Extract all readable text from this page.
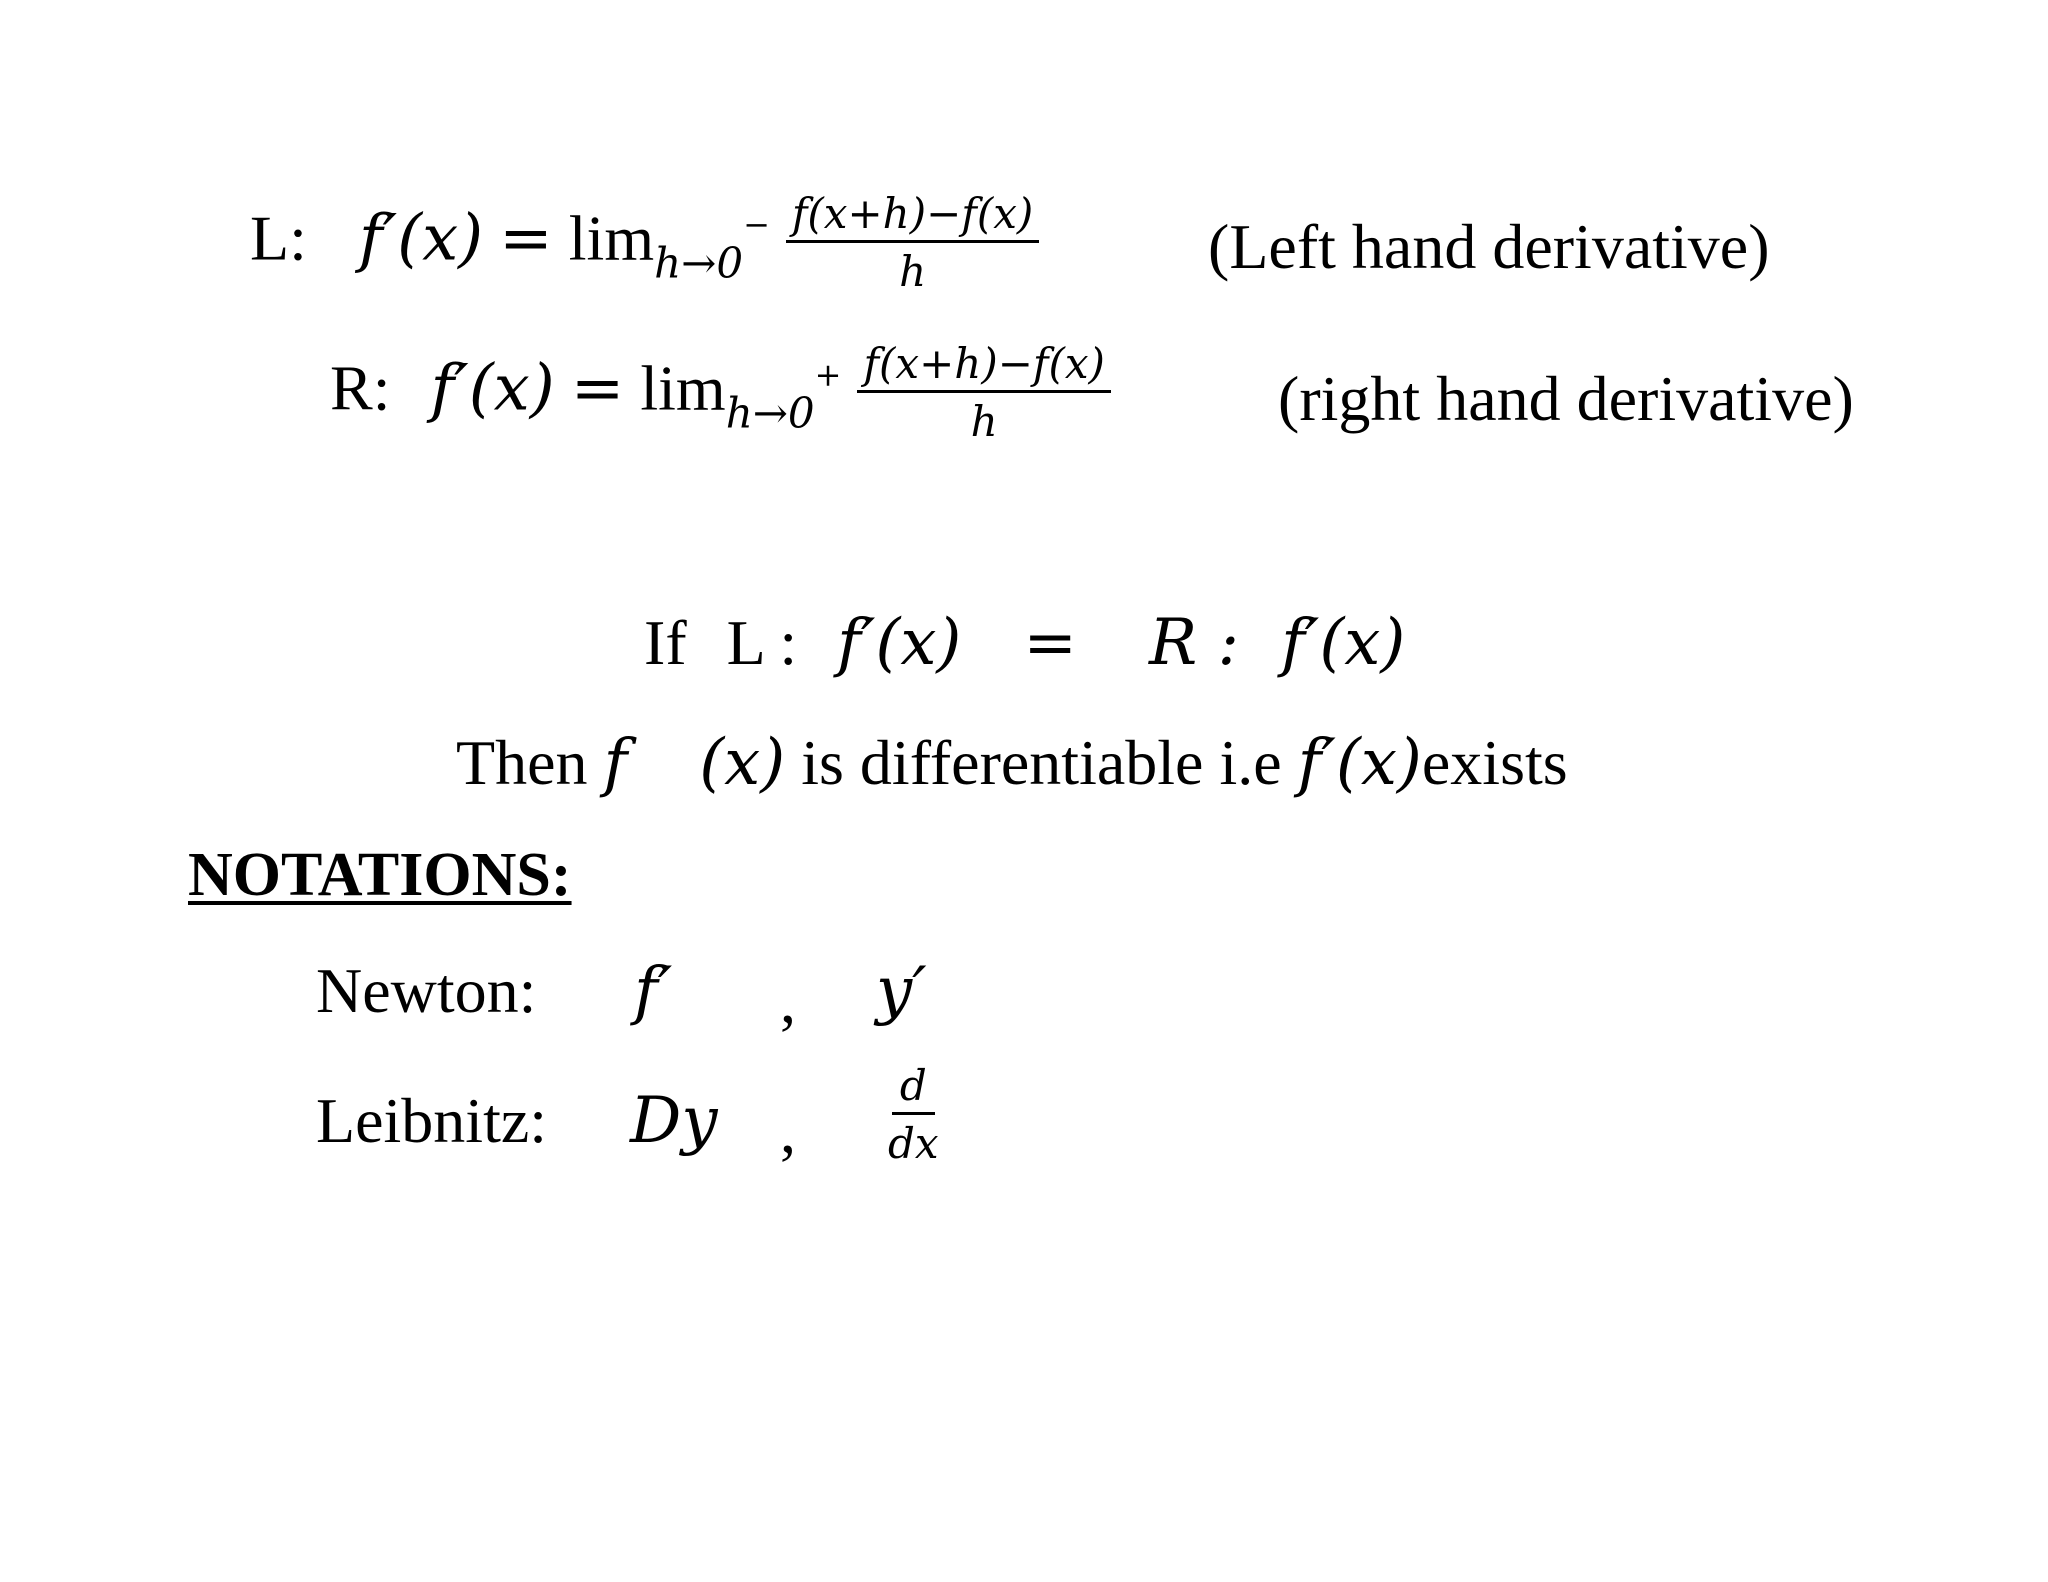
L: $f'(x) = \lim_{h\to 0}^- \frac{f(x+h)-f(x)}{h}$	(Left hand derivative)
R: $f'(x) = \lim_{h\to 0}^+ \frac{f(x+h)-f(x)}{h}$	(right hand derivative)
If L : f′(x) = R : f′(x)
Then f (x) is differentiable i.e f′(x)exists
NOTATIONS:
Newton: f′ , y′
Leibnitz: Dy , $\frac{d}{dx}$
